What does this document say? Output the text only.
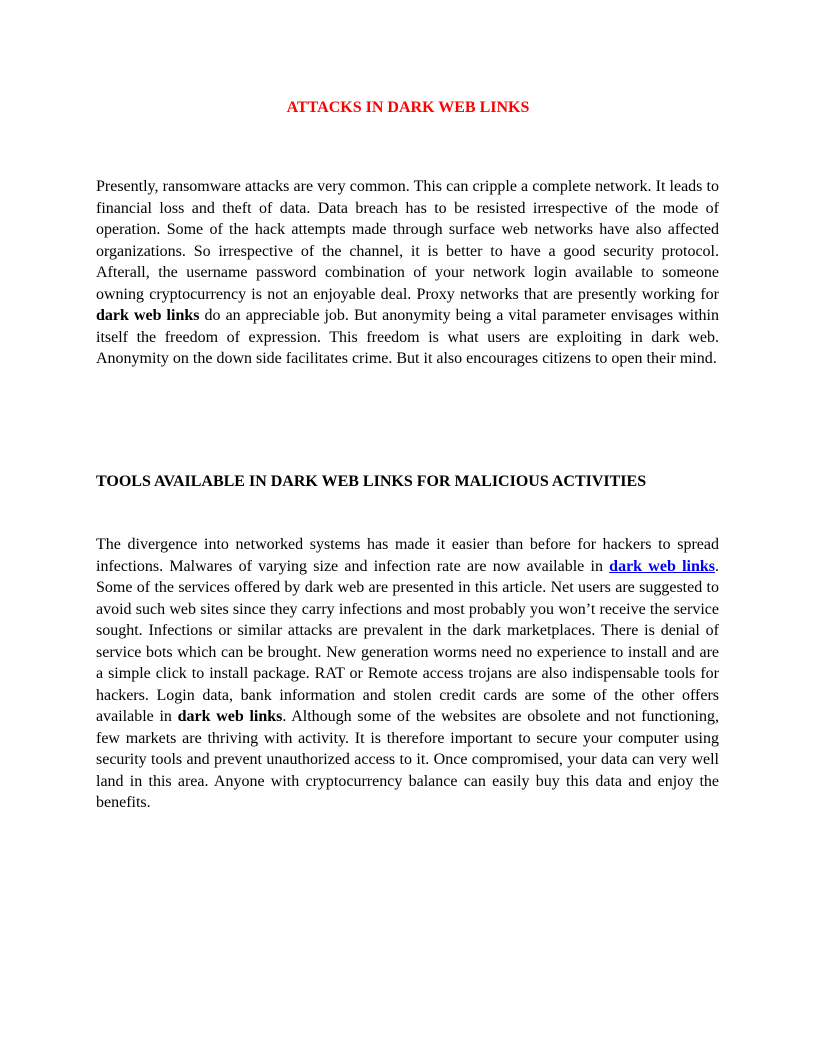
ATTACKS IN DARK WEB LINKS

Presently, ransomware attacks are very common. This can cripple a complete network. It leads to financial loss and theft of data. Data breach has to be resisted irrespective of the mode of operation. Some of the hack attempts made through surface web networks have also affected organizations. So irrespective of the channel, it is better to have a good security protocol. Afterall, the username password combination of your network login available to someone owning cryptocurrency is not an enjoyable deal. Proxy networks that are presently working for dark web links do an appreciable job. But anonymity being a vital parameter envisages within itself the freedom of expression. This freedom is what users are exploiting in dark web. Anonymity on the down side facilitates crime. But it also encourages citizens to open their mind.

TOOLS AVAILABLE IN DARK WEB LINKS FOR MALICIOUS ACTIVITIES

The divergence into networked systems has made it easier than before for hackers to spread infections. Malwares of varying size and infection rate are now available in dark web links. Some of the services offered by dark web are presented in this article. Net users are suggested to avoid such web sites since they carry infections and most probably you won’t receive the service sought. Infections or similar attacks are prevalent in the dark marketplaces. There is denial of service bots which can be brought. New generation worms need no experience to install and are a simple click to install package. RAT or Remote access trojans are also indispensable tools for hackers. Login data, bank information and stolen credit cards are some of the other offers available in dark web links. Although some of the websites are obsolete and not functioning, few markets are thriving with activity. It is therefore important to secure your computer using security tools and prevent unauthorized access to it. Once compromised, your data can very well land in this area. Anyone with cryptocurrency balance can easily buy this data and enjoy the benefits.
